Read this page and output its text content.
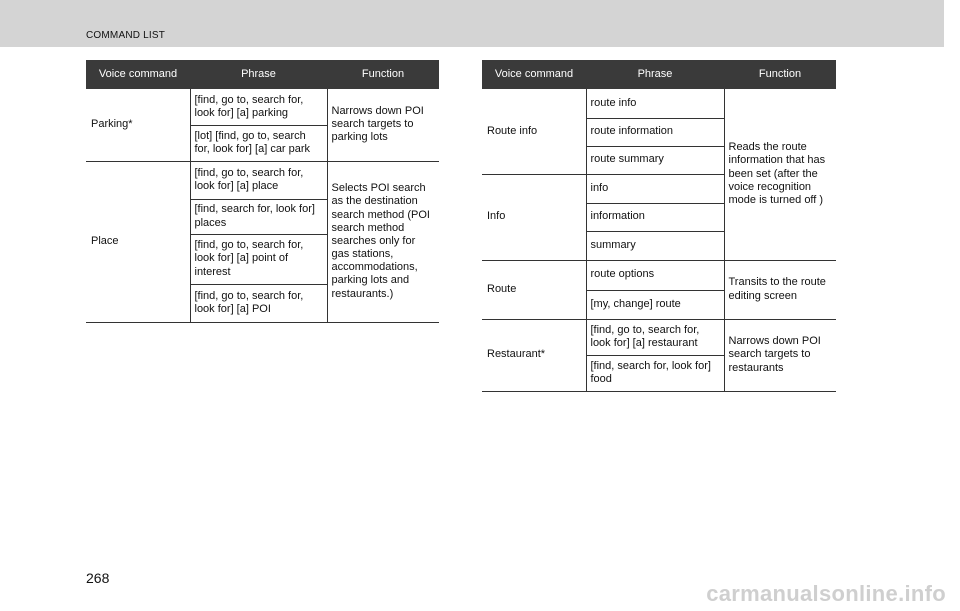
COMMAND LIST
Voice command	Phrase	Function
Parking*	[find, go to, search for, look for] [a] parking	Narrows down POI search targets to parking lots
	[lot] [find, go to, search for, look for] [a] car park	
Place	[find, go to, search for, look for] [a] place	Selects POI search as the destination search method (POI search method searches only for gas stations, accommodations, parking lots and restaurants.)
	[find, search for, look for] places	
	[find, go to, search for, look for] [a] point of interest	
	[find, go to, search for, look for] [a] POI	
Voice command	Phrase	Function
Route info	route info	Reads the route information that has been set (after the voice recognition mode is turned off )
	route information	
	route summary	
Info	info	
	information	
	summary	
Route	route options	Transits to the route editing screen
	[my, change] route	
Restaurant*	[find, go to, search for, look for] [a] restaurant	Narrows down POI search targets to restaurants
	[find, search for, look for] food	
268
carmanualsonline.info
